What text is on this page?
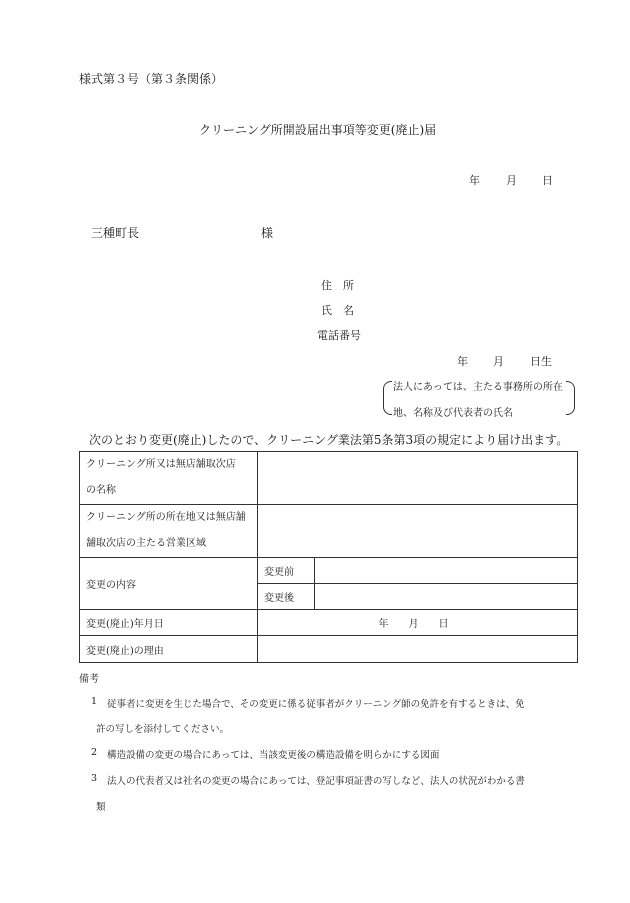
様式第３号（第３条関係）
クリーニング所開設届出事項等変更(廃止)届
年 月 日
三種町長	様
住　所
氏　名
電話番号
年 月 日生
法人にあっては、主たる事務所の所在
地、名称及び代表者の氏名
次のとおり変更(廃止)したので、クリーニング業法第5条第3項の規定により届け出ます。
クリーニング所又は無店舗取次店
の名称		

クリーニング所の所在地又は無店舗
舗取次店の主たる営業区域		

変更の内容	変更前	
	変更後	
変更(廃止)年月日	年　　月　　日	
変更(廃止)の理由		
備考
1 従事者に変更を生じた場合で、その変更に係る従事者がクリーニング師の免許を有するときは、免
許の写しを添付してください。
2 構造設備の変更の場合にあっては、当該変更後の構造設備を明らかにする図面
3 法人の代表者又は社名の変更の場合にあっては、登記事項証書の写しなど、法人の状況がわかる書
類
